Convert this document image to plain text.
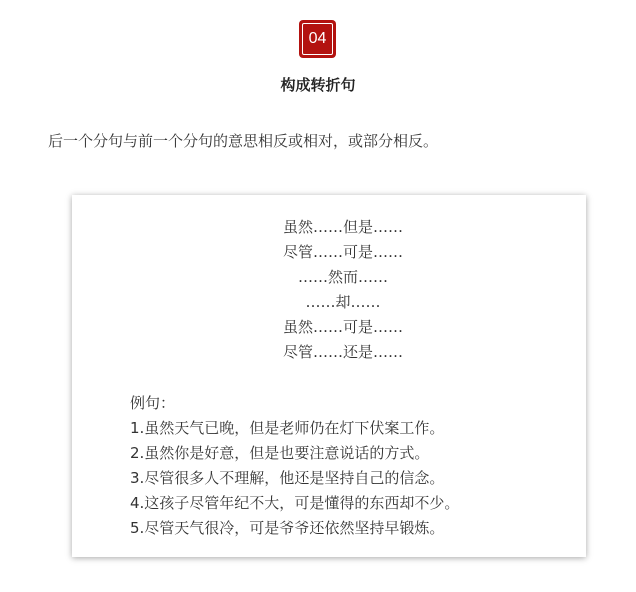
04
构成转折句
后一个分句与前一个分句的意思相反或相对，或部分相反。
虽然……但是……
尽管……可是……
……然而……
……却……
虽然……可是……
尽管……还是……
例句：
1.虽然天气已晚，但是老师仍在灯下伏案工作。
2.虽然你是好意，但是也要注意说话的方式。
3.尽管很多人不理解，他还是坚持自己的信念。
4.这孩子尽管年纪不大，可是懂得的东西却不少。
5.尽管天气很冷，可是爷爷还依然坚持早锻炼。
